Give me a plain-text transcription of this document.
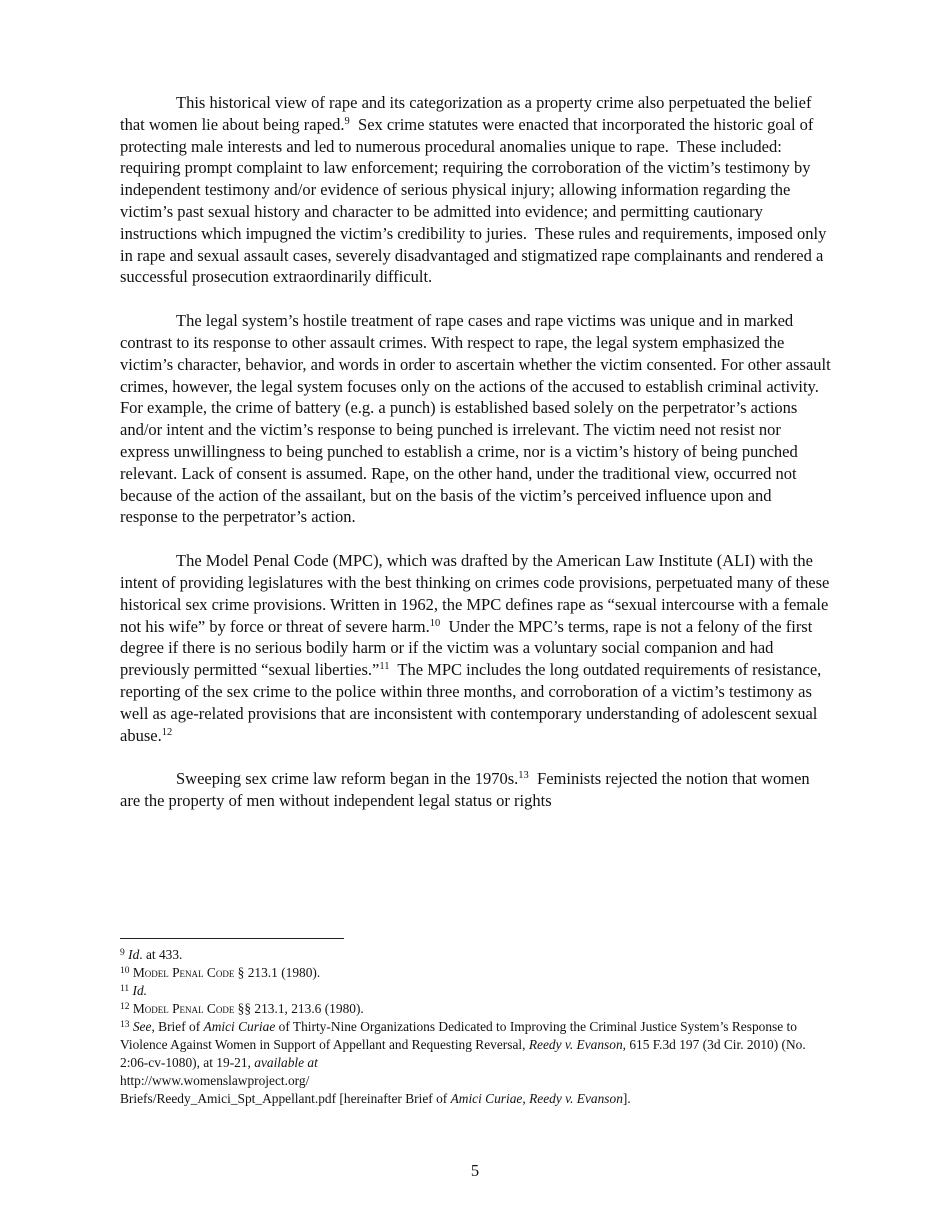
This historical view of rape and its categorization as a property crime also perpetuated the belief that women lie about being raped.$^9$  Sex crime statutes were enacted that incorporated the historic goal of protecting male interests and led to numerous procedural anomalies unique to rape.  These included: requiring prompt complaint to law enforcement; requiring the corroboration of the victim’s testimony by independent testimony and/or evidence of serious physical injury; allowing information regarding the victim’s past sexual history and character to be admitted into evidence; and permitting cautionary instructions which impugned the victim’s credibility to juries.  These rules and requirements, imposed only in rape and sexual assault cases, severely disadvantaged and stigmatized rape complainants and rendered a successful prosecution extraordinarily difficult.

The legal system’s hostile treatment of rape cases and rape victims was unique and in marked contrast to its response to other assault crimes. With respect to rape, the legal system emphasized the victim’s character, behavior, and words in order to ascertain whether the victim consented. For other assault crimes, however, the legal system focuses only on the actions of the accused to establish criminal activity. For example, the crime of battery (e.g. a punch) is established based solely on the perpetrator’s actions and/or intent and the victim’s response to being punched is irrelevant. The victim need not resist nor express unwillingness to being punched to establish a crime, nor is a victim’s history of being punched relevant. Lack of consent is assumed. Rape, on the other hand, under the traditional view, occurred not because of the action of the assailant, but on the basis of the victim’s perceived influence upon and response to the perpetrator’s action.

The Model Penal Code (MPC), which was drafted by the American Law Institute (ALI) with the intent of providing legislatures with the best thinking on crimes code provisions, perpetuated many of these historical sex crime provisions. Written in 1962, the MPC defines rape as “sexual intercourse with a female not his wife” by force or threat of severe harm.$^{10}$  Under the MPC’s terms, rape is not a felony of the first degree if there is no serious bodily harm or if the victim was a voluntary social companion and had previously permitted “sexual liberties.”$^{11}$  The MPC includes the long outdated requirements of resistance, reporting of the sex crime to the police within three months, and corroboration of a victim’s testimony as well as age-related provisions that are inconsistent with contemporary understanding of adolescent sexual abuse.$^{12}$

Sweeping sex crime law reform began in the 1970s.$^{13}$  Feminists rejected the notion that women are the property of men without independent legal status or rights

$^9$ Id. at 433.

$^{10}$ Model Penal Code § 213.1 (1980).

$^{11}$ Id.

$^{12}$ Model Penal Code §§ 213.1, 213.6 (1980).

$^{13}$ See, Brief of Amici Curiae of Thirty-Nine Organizations Dedicated to Improving the Criminal Justice System’s Response to Violence Against Women in Support of Appellant and Requesting Reversal, Reedy v. Evanson, 615 F.3d 197 (3d Cir. 2010) (No. 2:06-cv-1080), at 19-21, available at
http://www.womenslawproject.org/
Briefs/Reedy_Amici_Spt_Appellant.pdf [hereinafter Brief of Amici Curiae, Reedy v. Evanson].

5
